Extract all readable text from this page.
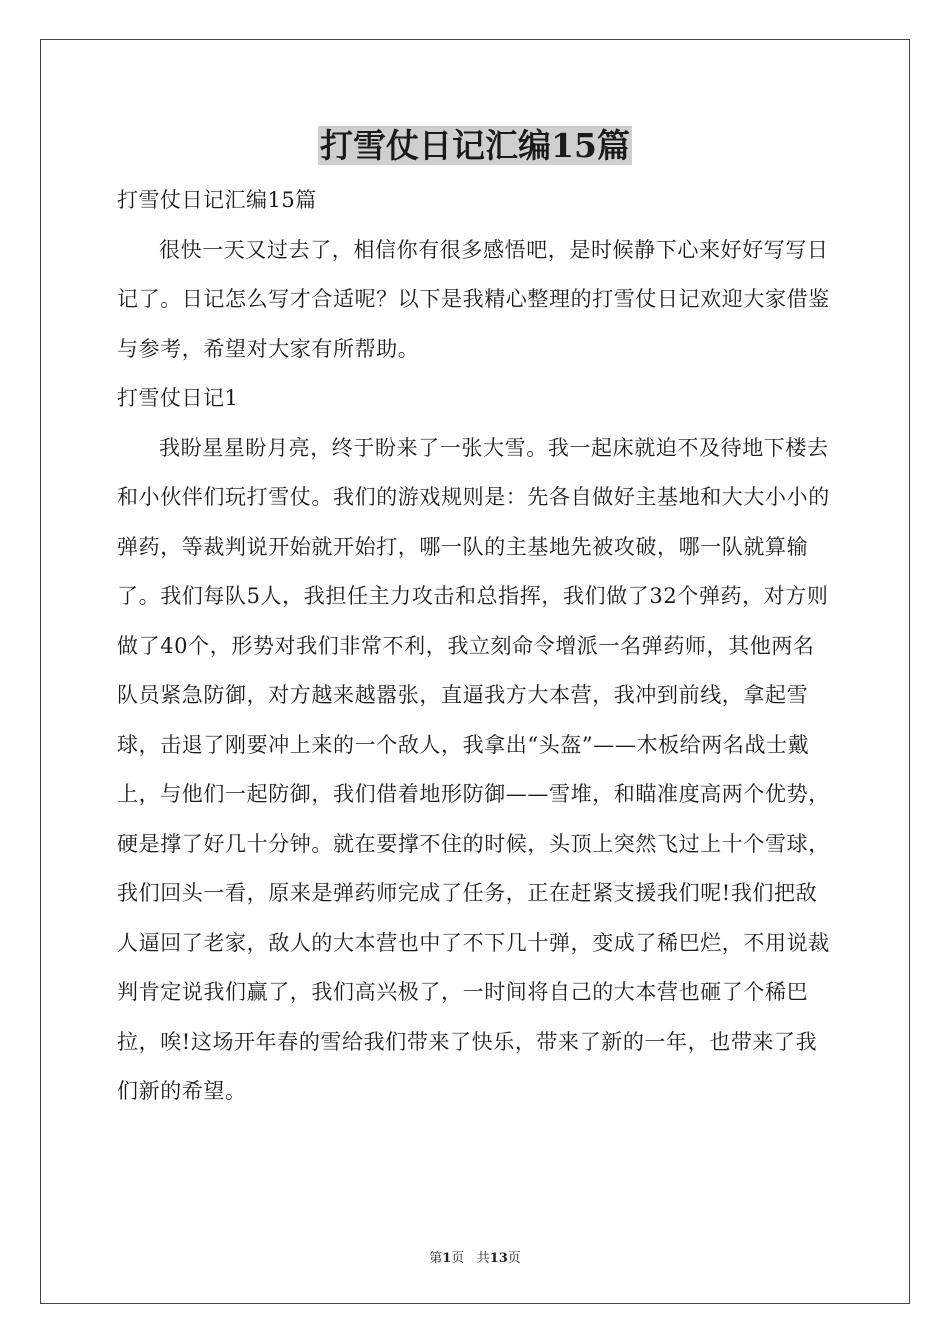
打雪仗日记汇编15篇

打雪仗日记汇编15篇

很快一天又过去了，相信你有很多感悟吧，是时候静下心来好好写写日记了。日记怎么写才合适呢？以下是我精心整理的打雪仗日记欢迎大家借鉴与参考，希望对大家有所帮助。

打雪仗日记1

我盼星星盼月亮，终于盼来了一张大雪。我一起床就迫不及待地下楼去和小伙伴们玩打雪仗。我们的游戏规则是：先各自做好主基地和大大小小的弹药，等裁判说开始就开始打，哪一队的主基地先被攻破，哪一队就算输了。我们每队5人，我担任主力攻击和总指挥，我们做了32个弹药，对方则做了40个，形势对我们非常不利，我立刻命令增派一名弹药师，其他两名队员紧急防御，对方越来越嚣张，直逼我方大本营，我冲到前线，拿起雪球，击退了刚要冲上来的一个敌人，我拿出“头盔”——木板给两名战士戴上，与他们一起防御，我们借着地形防御——雪堆，和瞄准度高两个优势，硬是撑了好几十分钟。就在要撑不住的时候，头顶上突然飞过上十个雪球，我们回头一看，原来是弹药师完成了任务，正在赶紧支援我们呢!我们把敌人逼回了老家，敌人的大本营也中了不下几十弹，变成了稀巴烂，不用说裁判肯定说我们赢了，我们高兴极了，一时间将自己的大本营也砸了个稀巴拉，唉!这场开年春的雪给我们带来了快乐，带来了新的一年，也带来了我们新的希望。

第1页 共13页
